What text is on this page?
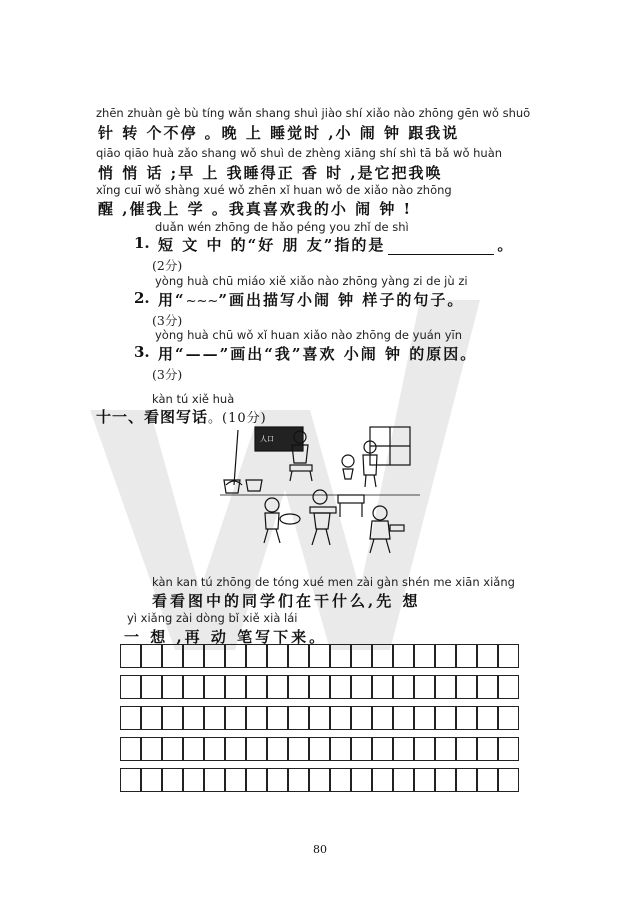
zhēn zhuàn gè bù tíng wǎn shang shuì jiào shí xiǎo nào zhōng gēn wǒ shuō
针 转 个不停 。晚 上 睡觉时 ,小 闹 钟 跟我说
qiāo qiāo huà zǎo shang wǒ shuì de zhèng xiāng shí shì tā bǎ wǒ huàn
悄 悄 话 ;早 上 我睡得正 香 时 ,是它把我唤
xǐng cuī wǒ shàng xué wǒ zhēn xǐ huan wǒ de xiǎo nào zhōng
醒 ,催我上 学 。我真喜欢我的小 闹 钟 !
duǎn wén zhōng de hǎo péng you zhǐ de shì
1. 短 文 中 的“好 朋 友”指的是	。
(2分)
yòng huà chū miáo xiě xiǎo nào zhōng yàng zi de jù zi
2. 用“~~~”画出描写小闹 钟 样子的句子。
(3分)
yòng huà chū wǒ xǐ huan xiǎo nào zhōng de yuán yīn
3. 用“——”画出“我”喜欢 小闹 钟 的原因。
(3分)
kàn tú xiě huà
十一、看图写话。(10分)
人口
kàn kan tú zhōng de tóng xué men zài gàn shén me xiān xiǎng
看看图中的同学们在干什么,先 想
yì xiǎng zài dòng bǐ xiě xià lái
一 想 ,再 动 笔写下来。
80
